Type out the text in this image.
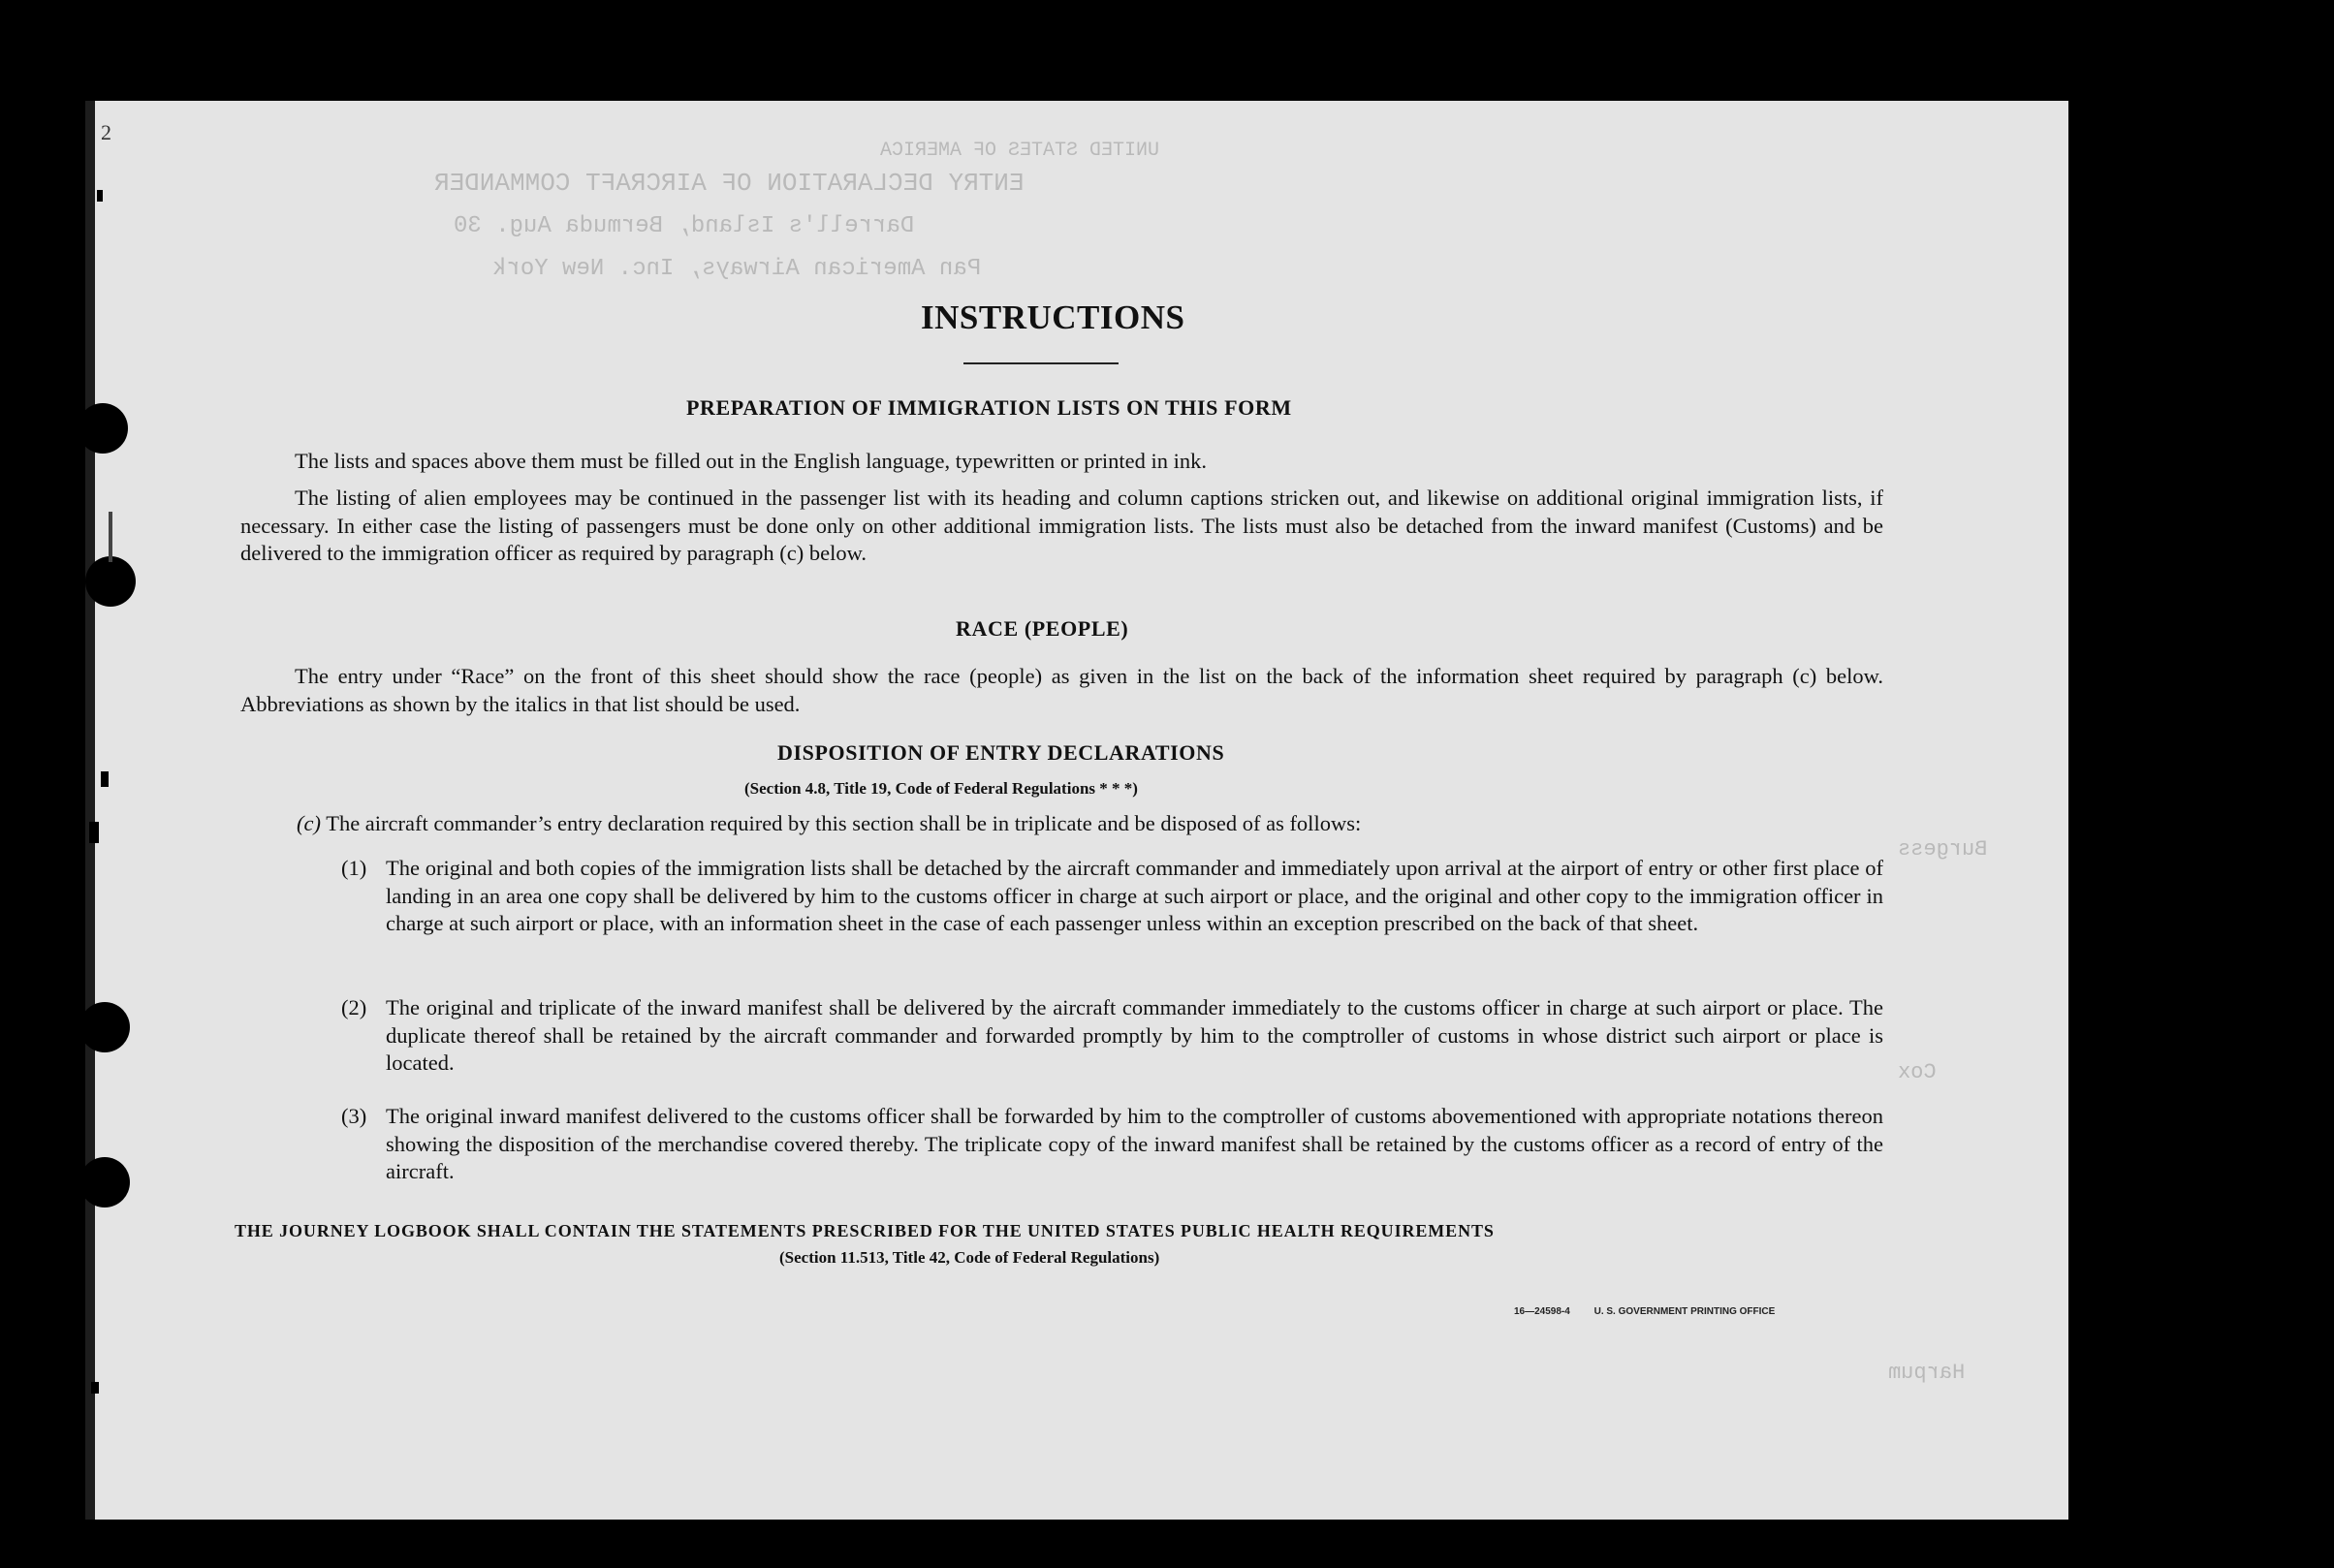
UNITED STATES OF AMERICA
ENTRY DECLARATION OF AIRCRAFT COMMANDER
Darrell's Island, Bermuda Aug. 30
Pan American Airways, Inc. New York
Burgess
Cox
Harpum
2
INSTRUCTIONS
PREPARATION OF IMMIGRATION LISTS ON THIS FORM
The lists and spaces above them must be filled out in the English language, typewritten or printed in ink.
The listing of alien employees may be continued in the passenger list with its heading and column captions stricken out, and likewise on additional original immigration lists, if necessary. In either case the listing of passengers must be done only on other additional immigration lists. The lists must also be detached from the inward manifest (Customs) and be delivered to the immigration officer as required by paragraph (c) below.
RACE (PEOPLE)
The entry under “Race” on the front of this sheet should show the race (people) as given in the list on the back of the information sheet required by paragraph (c) below. Abbreviations as shown by the italics in that list should be used.
DISPOSITION OF ENTRY DECLARATIONS
(Section 4.8, Title 19, Code of Federal Regulations * * *)
(c) The aircraft commander’s entry declaration required by this section shall be in triplicate and be disposed of as follows:
(1) The original and both copies of the immigration lists shall be detached by the aircraft commander and immediately upon arrival at the airport of entry or other first place of landing in an area one copy shall be delivered by him to the customs officer in charge at such airport or place, and the original and other copy to the immigration officer in charge at such airport or place, with an information sheet in the case of each passenger unless within an exception prescribed on the back of that sheet.
(2) The original and triplicate of the inward manifest shall be delivered by the aircraft commander immediately to the customs officer in charge at such airport or place. The duplicate thereof shall be retained by the aircraft commander and forwarded promptly by him to the comptroller of customs in whose district such airport or place is located.
(3) The original inward manifest delivered to the customs officer shall be forwarded by him to the comptroller of customs abovementioned with appropriate notations thereon showing the disposition of the merchandise covered thereby. The triplicate copy of the inward manifest shall be retained by the customs officer as a record of entry of the aircraft.
THE JOURNEY LOGBOOK SHALL CONTAIN THE STATEMENTS PRESCRIBED FOR THE UNITED STATES PUBLIC HEALTH REQUIREMENTS
(Section 11.513, Title 42, Code of Federal Regulations)
16—24598-4 U. S. GOVERNMENT PRINTING OFFICE
